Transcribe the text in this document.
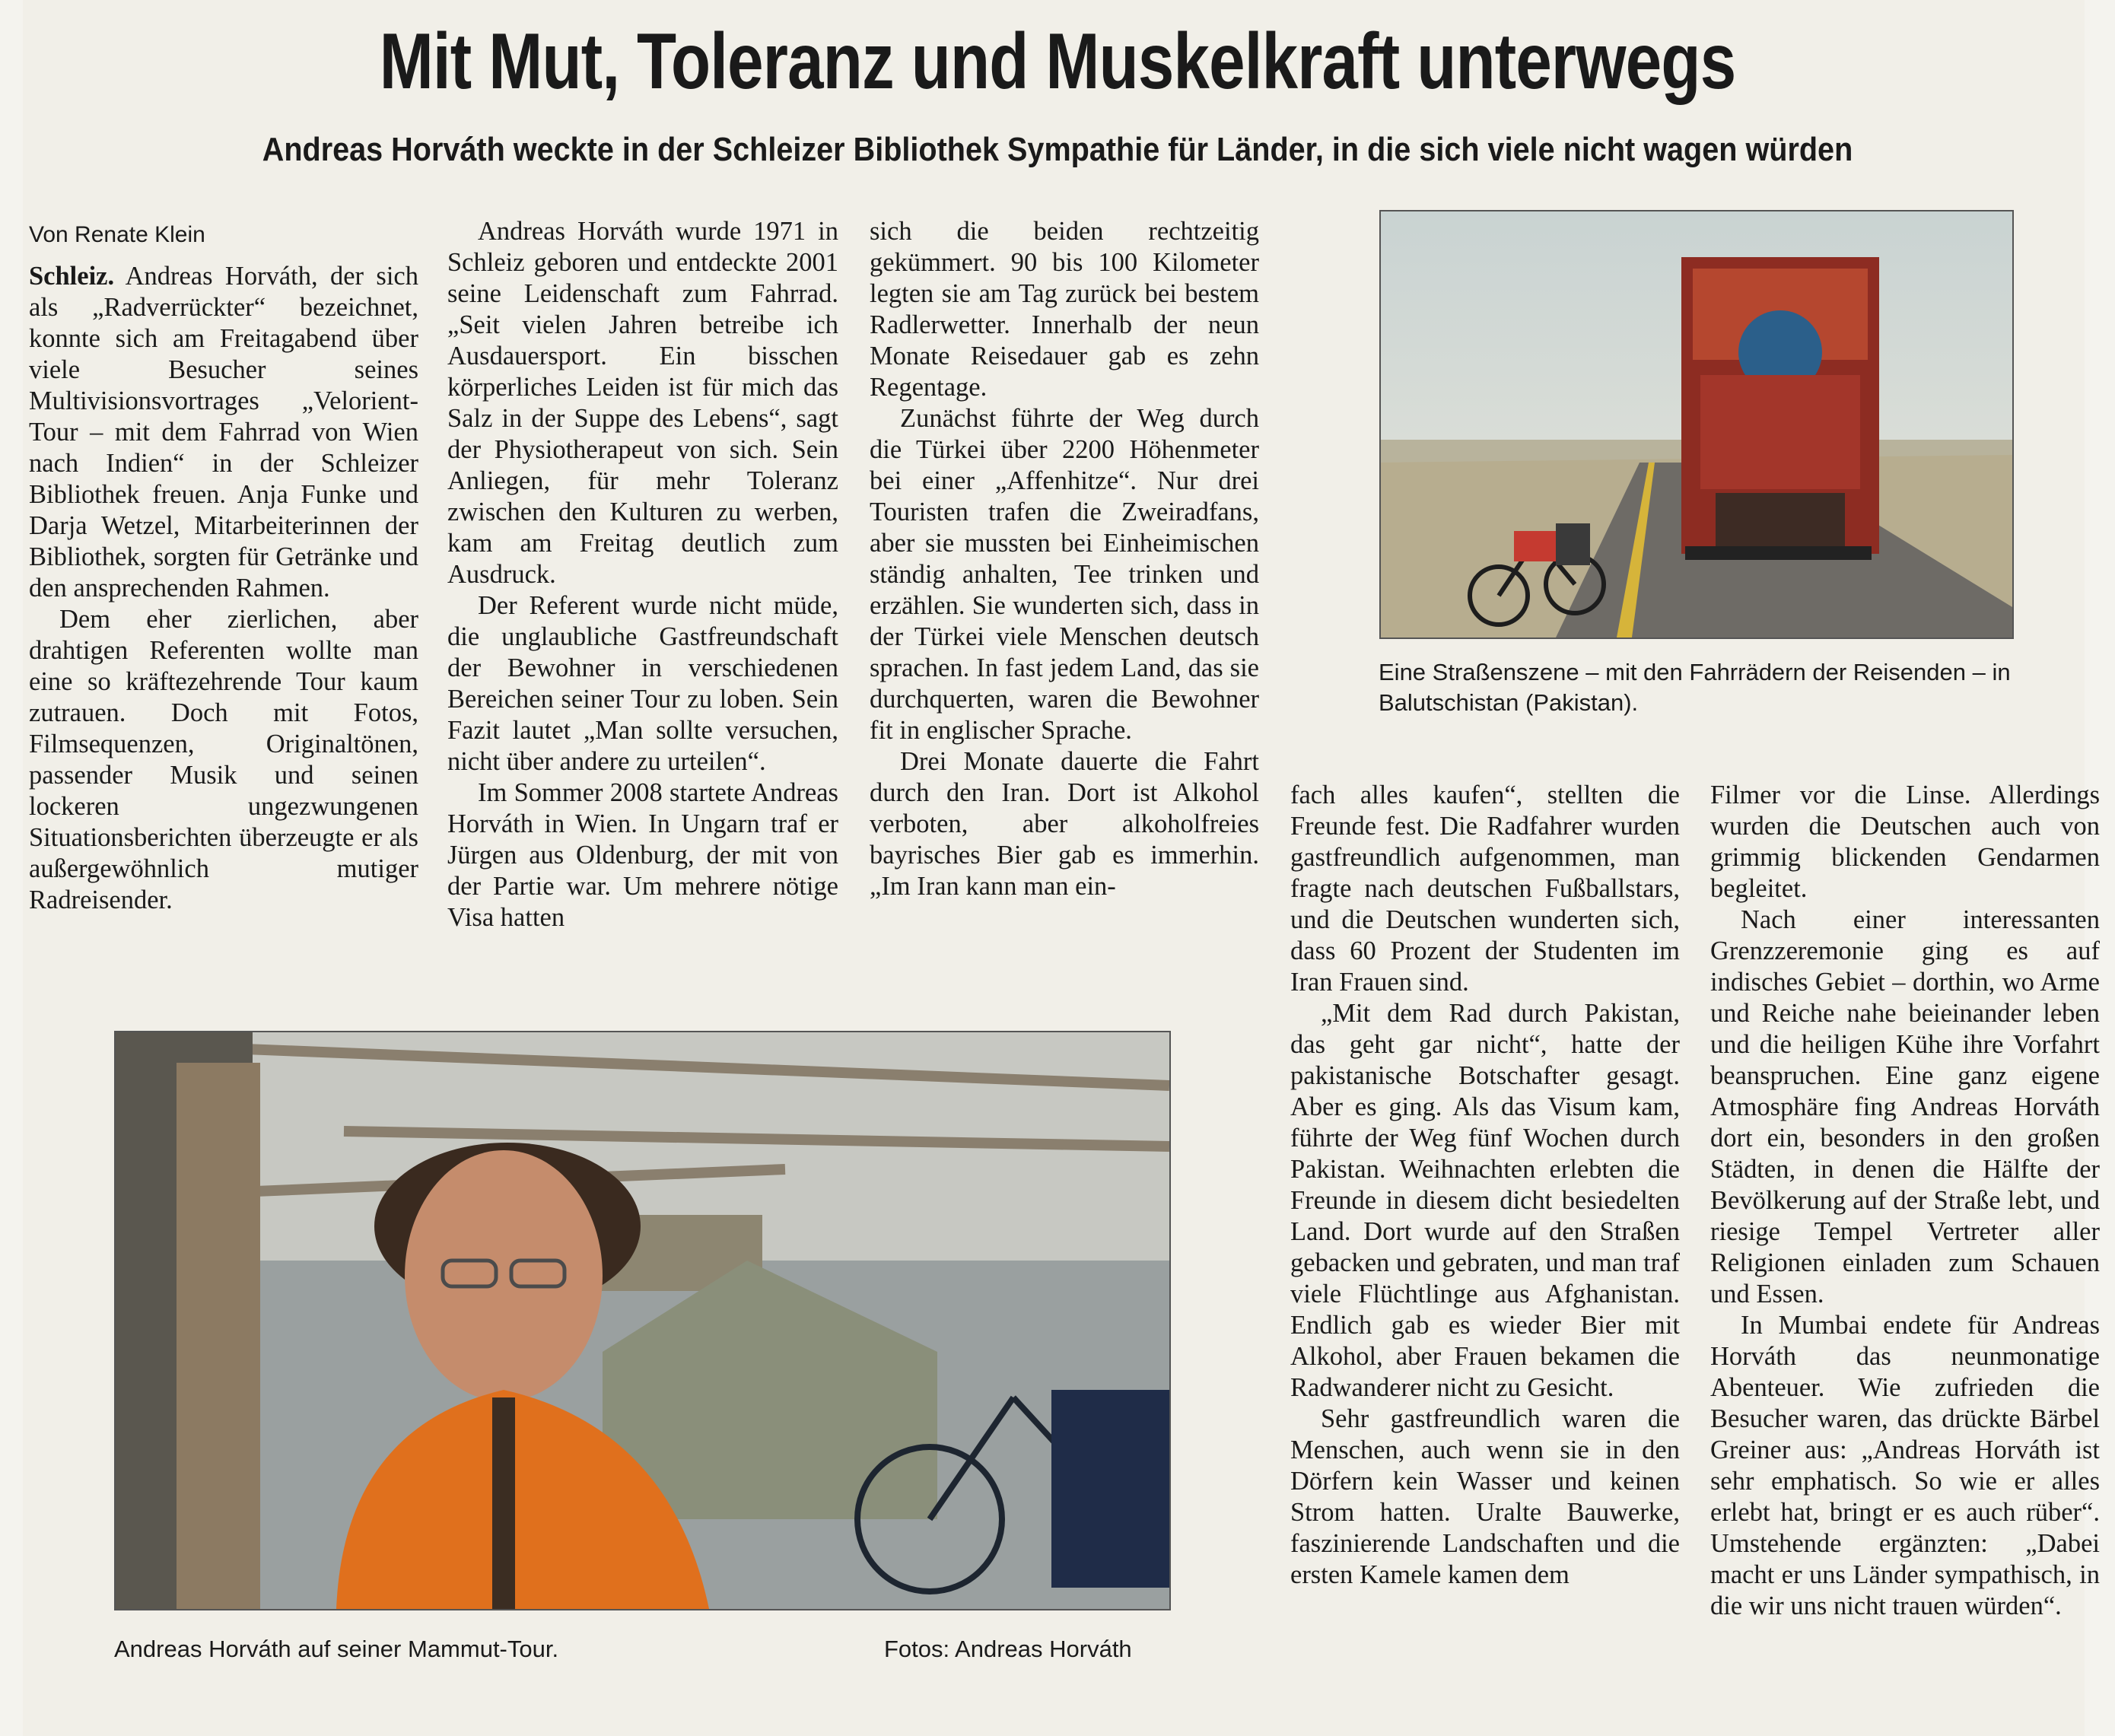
Mit Mut, Toleranz und Muskelkraft unterwegs
Andreas Horváth weckte in der Schleizer Bibliothek Sympathie für Länder, in die sich viele nicht wagen würden
Von Renate Klein

Schleiz. Andreas Horváth, der sich als „Radverrückter“ bezeichnet, konnte sich am Freitagabend über viele Besucher seines Multivisionsvortrages „Velorient-Tour – mit dem Fahrrad von Wien nach Indien“ in der Schleizer Bibliothek freuen. Anja Funke und Darja Wetzel, Mitarbeiterinnen der Bibliothek, sorgten für Getränke und den ansprechenden Rahmen.

Dem eher zierlichen, aber drahtigen Referenten wollte man eine so kräftezehrende Tour kaum zutrauen. Doch mit Fotos, Filmsequenzen, Originaltönen, passender Musik und seinen lockeren ungezwungenen Situationsberichten überzeugte er als außergewöhnlich mutiger Radreisender.

Andreas Horváth wurde 1971 in Schleiz geboren und entdeckte 2001 seine Leidenschaft zum Fahrrad. „Seit vielen Jahren betreibe ich Ausdauersport. Ein bisschen körperliches Leiden ist für mich das Salz in der Suppe des Lebens“, sagt der Physiotherapeut von sich. Sein Anliegen, für mehr Toleranz zwischen den Kulturen zu werben, kam am Freitag deutlich zum Ausdruck.

Der Referent wurde nicht müde, die unglaubliche Gastfreundschaft der Bewohner in verschiedenen Bereichen seiner Tour zu loben. Sein Fazit lautet „Man sollte versuchen, nicht über andere zu urteilen“.

Im Sommer 2008 startete Andreas Horváth in Wien. In Ungarn traf er Jürgen aus Oldenburg, der mit von der Partie war. Um mehrere nötige Visa hatten

sich die beiden rechtzeitig gekümmert. 90 bis 100 Kilometer legten sie am Tag zurück bei bestem Radlerwetter. Innerhalb der neun Monate Reisedauer gab es zehn Regentage.

Zunächst führte der Weg durch die Türkei über 2200 Höhenmeter bei einer „Affenhitze“. Nur drei Touristen trafen die Zweiradfans, aber sie mussten bei Einheimischen ständig anhalten, Tee trinken und erzählen. Sie wunderten sich, dass in der Türkei viele Menschen deutsch sprachen. In fast jedem Land, das sie durchquerten, waren die Bewohner fit in englischer Sprache.

Drei Monate dauerte die Fahrt durch den Iran. Dort ist Alkohol verboten, aber alkoholfreies bayrisches Bier gab es immerhin. „Im Iran kann man ein-

Eine Straßenszene – mit den Fahrrädern der Reisenden – in Balutschistan (Pakistan).

Andreas Horváth auf seiner Mammut-Tour.	Fotos: Andreas Horváth

fach alles kaufen“, stellten die Freunde fest. Die Radfahrer wurden gastfreundlich aufgenommen, man fragte nach deutschen Fußballstars, und die Deutschen wunderten sich, dass 60 Prozent der Studenten im Iran Frauen sind.

„Mit dem Rad durch Pakistan, das geht gar nicht“, hatte der pakistanische Botschafter gesagt. Aber es ging. Als das Visum kam, führte der Weg fünf Wochen durch Pakistan. Weihnachten erlebten die Freunde in diesem dicht besiedelten Land. Dort wurde auf den Straßen gebacken und gebraten, und man traf viele Flüchtlinge aus Afghanistan. Endlich gab es wieder Bier mit Alkohol, aber Frauen bekamen die Radwanderer nicht zu Gesicht.

Sehr gastfreundlich waren die Menschen, auch wenn sie in den Dörfern kein Wasser und keinen Strom hatten. Uralte Bauwerke, faszinierende Landschaften und die ersten Kamele kamen dem

Filmer vor die Linse. Allerdings wurden die Deutschen auch von grimmig blickenden Gendarmen begleitet.

Nach einer interessanten Grenzzeremonie ging es auf indisches Gebiet – dorthin, wo Arme und Reiche nahe beieinander leben und die heiligen Kühe ihre Vorfahrt beanspruchen. Eine ganz eigene Atmosphäre fing Andreas Horváth dort ein, besonders in den großen Städten, in denen die Hälfte der Bevölkerung auf der Straße lebt, und riesige Tempel Vertreter aller Religionen einladen zum Schauen und Essen.

In Mumbai endete für Andreas Horváth das neunmonatige Abenteuer. Wie zufrieden die Besucher waren, das drückte Bärbel Greiner aus: „Andreas Horváth ist sehr emphatisch. So wie er alles erlebt hat, bringt er es auch rüber“. Umstehende ergänzten: „Dabei macht er uns Länder sympathisch, in die wir uns nicht trauen würden“.
